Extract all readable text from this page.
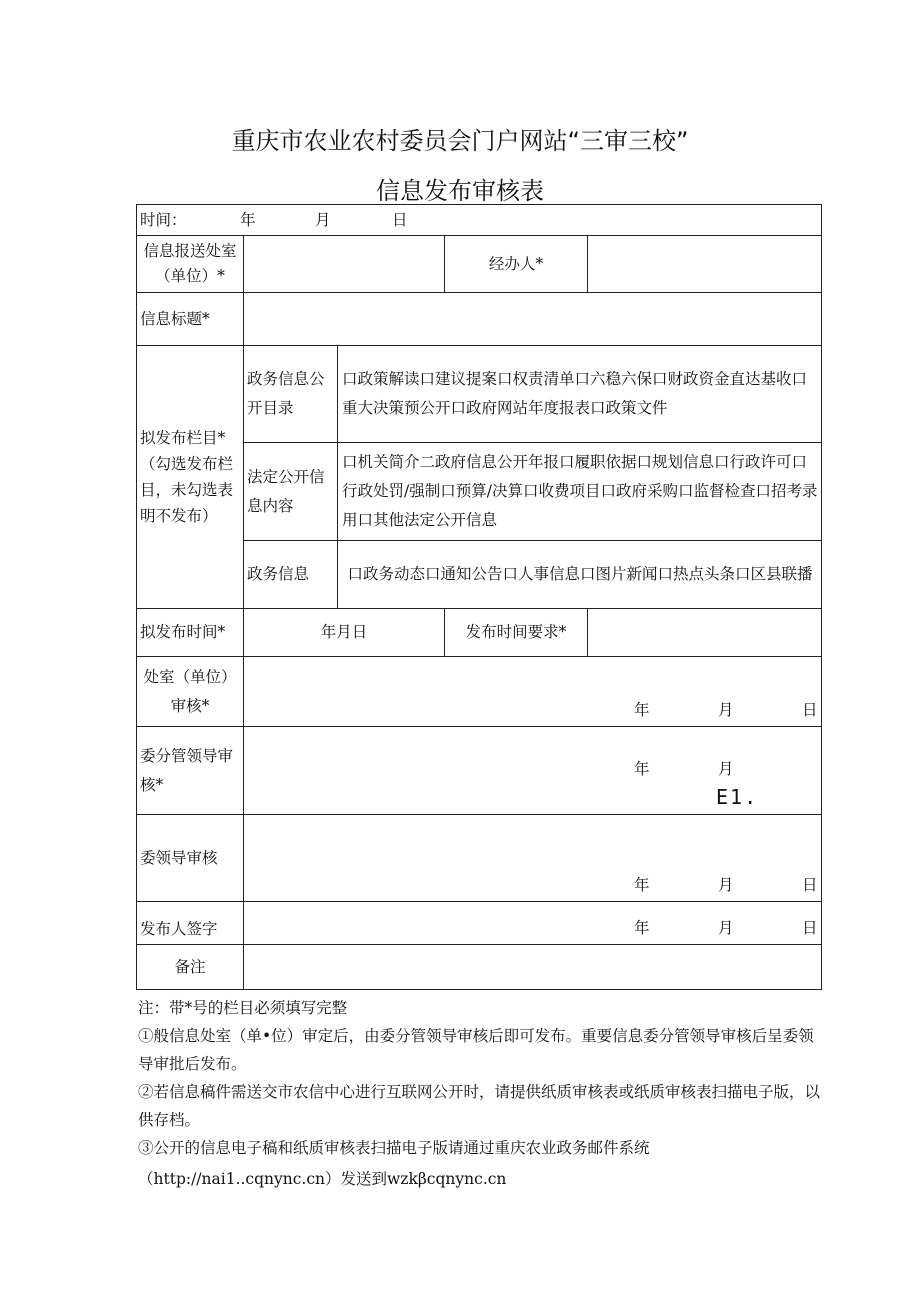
重庆市农业农村委员会门户网站“三审三校”
信息发布审核表
时间： 年 月 日				
信息报送处室（单位）*			经办人*	
信息标题*				
拟发布栏目*（勾选发布栏目，未勾选表明不发布）	政务信息公开目录	口政策解读口建议提案口权责清单口六稳六保口财政资金直达基收口重大决策预公开口政府网站年度报表口政策文件		
	法定公开信息内容	口机关简介二政府信息公开年报口履职依据口规划信息口行政许可口行政处罚/强制口预算/决算口收费项目口政府采购口监督检查口招考录用口其他法定公开信息		
	政务信息	口政务动态口通知公告口人事信息口图片新闻口热点头条口区县联播		
拟发布时间*	年月日		发布时间要求*	
处室（单位）审核*	年 月 日			

委分管领导审核*	年 月
E1.			

委领导审核	年 月 日			

发布人签字	年 月 日			

备注				

注：带*号的栏目必须填写完整

①般信息处室（单•位）审定后，由委分管领导审核后即可发布。重要信息委分管领导审核后呈委领导审批后发布。

②若信息稿件需送交市农信中心进行互联网公开时，请提供纸质审核表或纸质审核表扫描电子版，以供存档。

③公开的信息电子稿和纸质审核表扫描电子版请通过重庆农业政务邮件系统

（http://nai1..cqnync.cn）发送到wzkβcqnync.cn
